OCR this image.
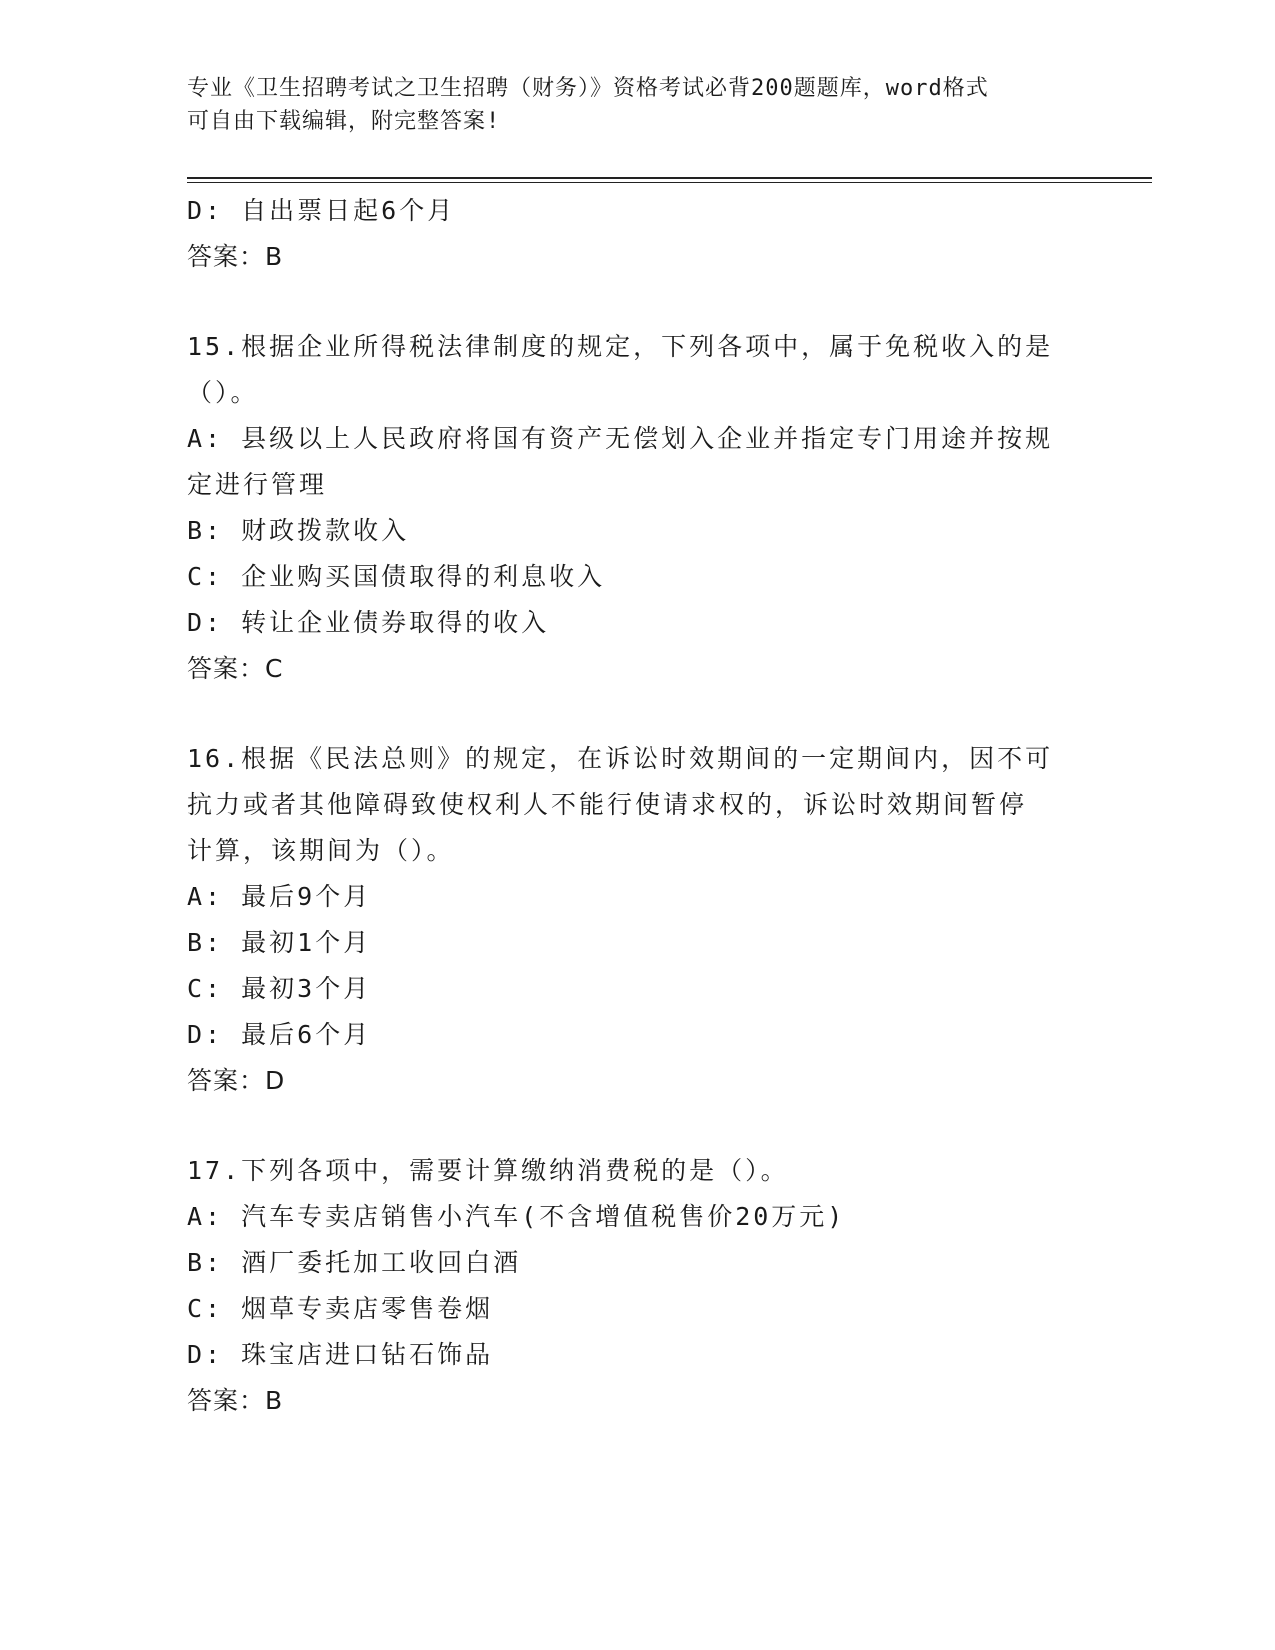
专业《卫生招聘考试之卫生招聘（财务）》资格考试必背200题题库，word格式
可自由下载编辑，附完整答案!
D: 自出票日起6个月
答案：B
15.根据企业所得税法律制度的规定，下列各项中，属于免税收入的是
（）。
A: 县级以上人民政府将国有资产无偿划入企业并指定专门用途并按规
定进行管理
B: 财政拨款收入
C: 企业购买国债取得的利息收入
D: 转让企业债券取得的收入
答案：C
16.根据《民法总则》的规定，在诉讼时效期间的一定期间内，因不可
抗力或者其他障碍致使权利人不能行使请求权的，诉讼时效期间暂停
计算，该期间为（）。
A: 最后9个月
B: 最初1个月
C: 最初3个月
D: 最后6个月
答案：D
17.下列各项中，需要计算缴纳消费税的是（）。
A: 汽车专卖店销售小汽车(不含增值税售价20万元)
B: 酒厂委托加工收回白酒
C: 烟草专卖店零售卷烟
D: 珠宝店进口钻石饰品
答案：B
